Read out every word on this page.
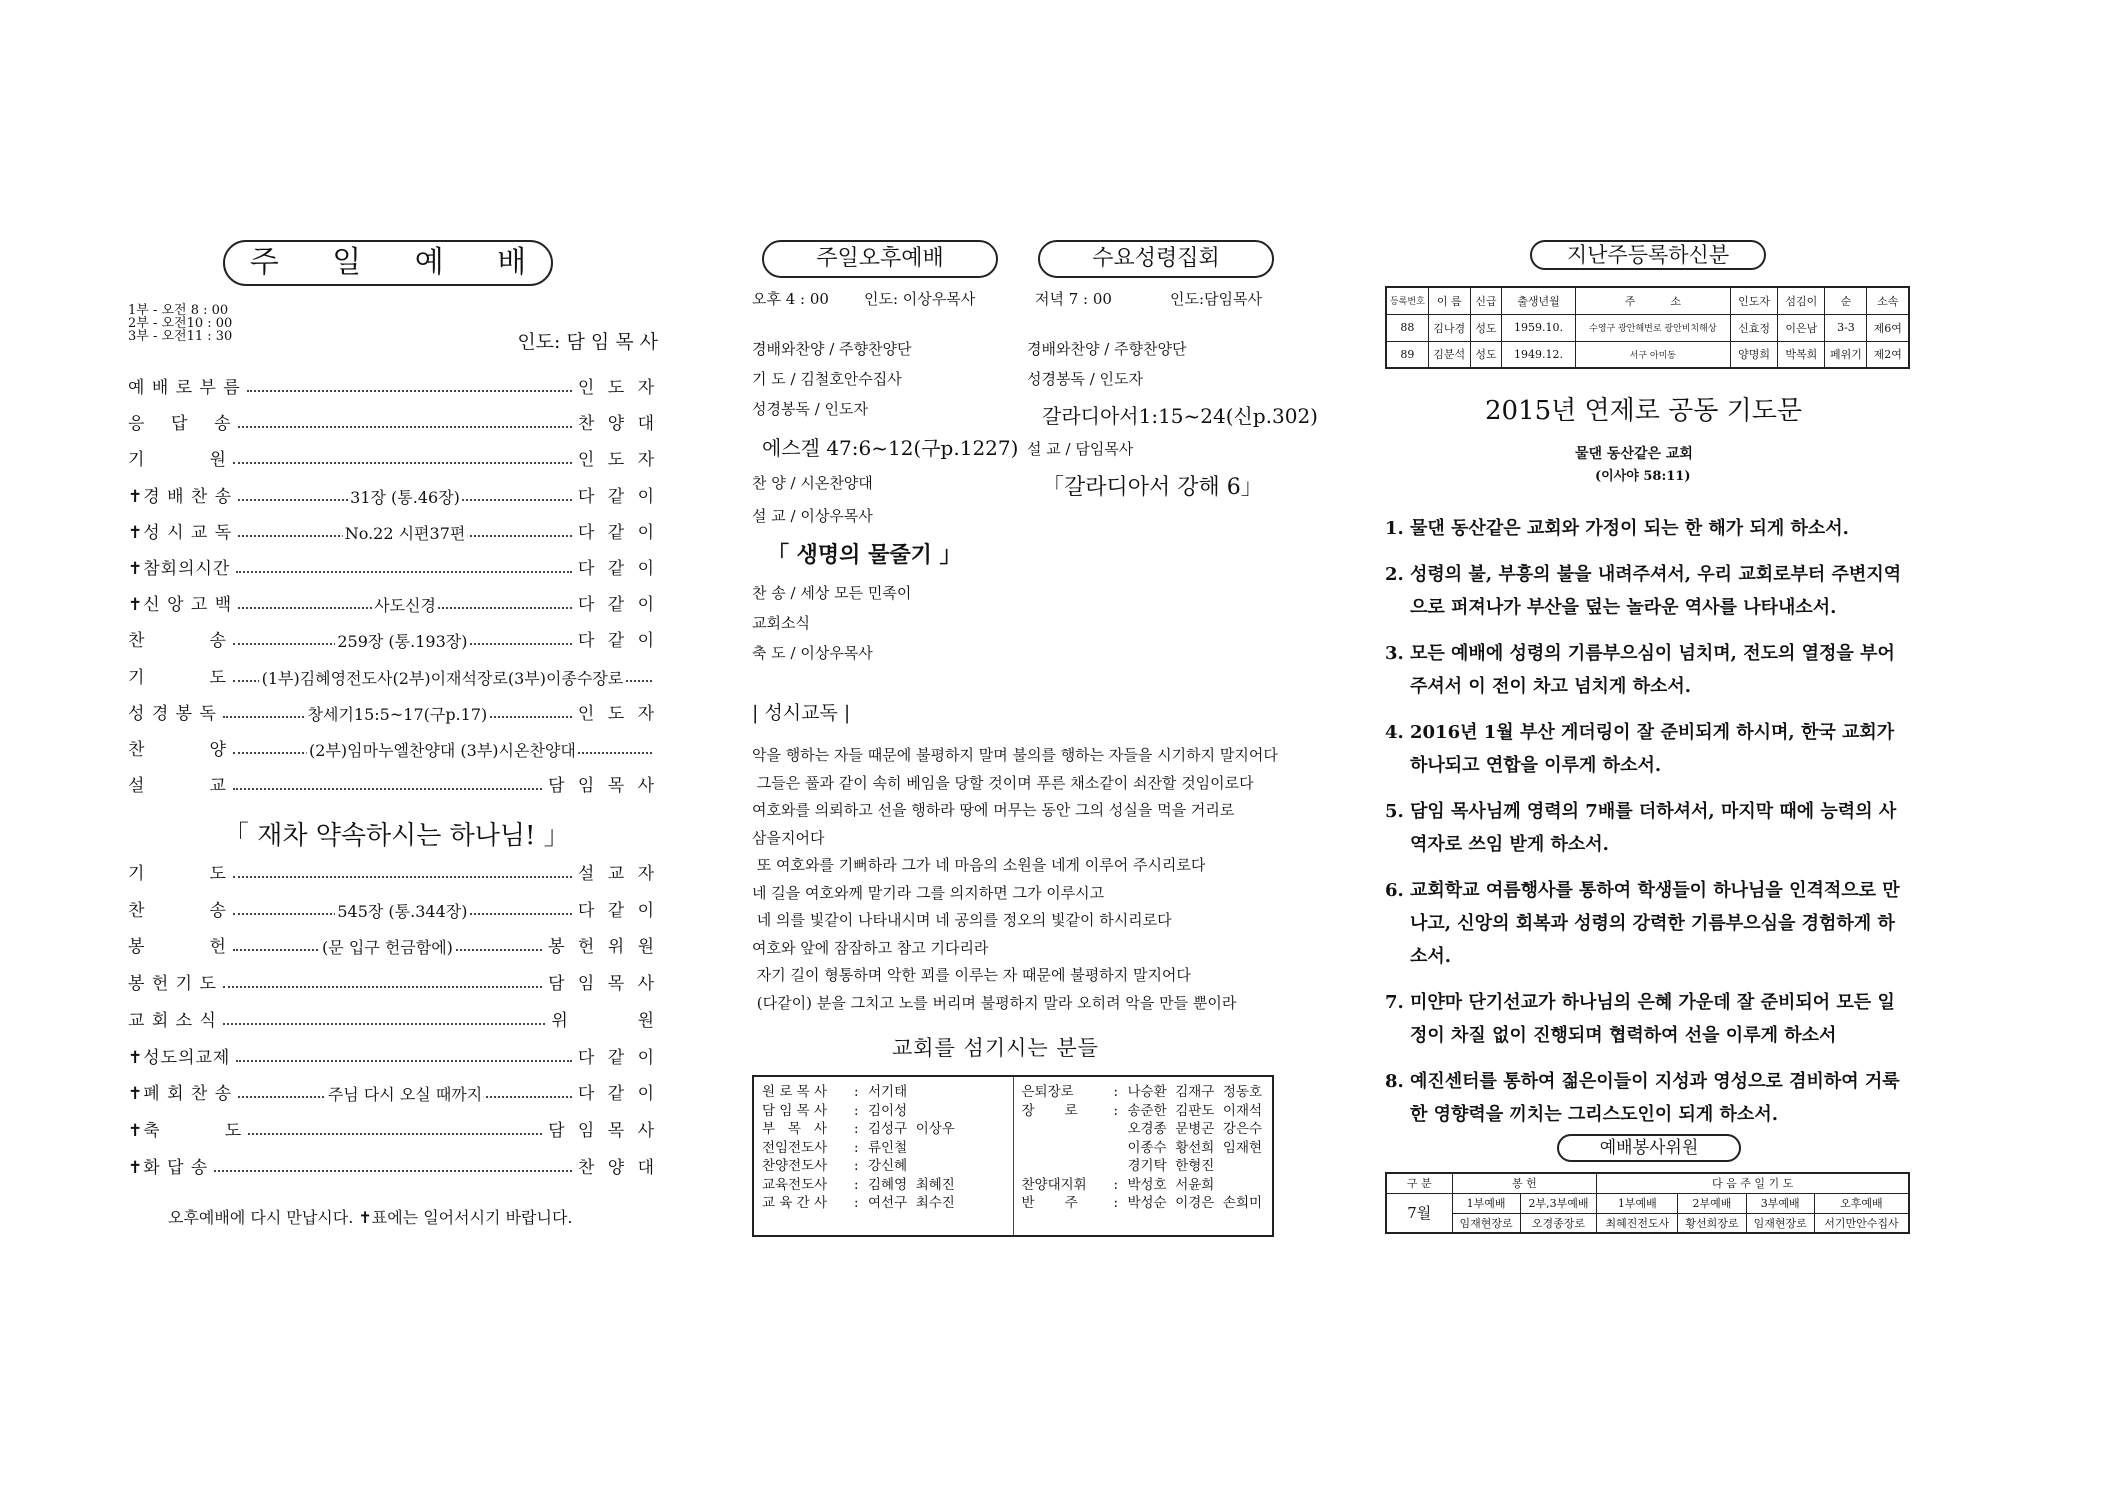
주 일 예 배
1부 - 오전 8 : 00
2부 - 오전10 : 00
3부 - 오전11 : 30	인도: 담 임 목 사
예 배 로 부 름	인 도 자
응    답    송	찬 양 대
기          원	인 도 자
✝경 배 찬 송	31장 (통.46장)	다 같 이
✝성 시 교 독	No.22 시편37편	다 같 이
✝참회의시간	다 같 이
✝신 앙 고 백	사도신경	다 같 이
찬          송	259장 (통.193장)	다 같 이
기          도 (1부)김혜영전도사(2부)이재석장로(3부)이종수장로
성 경 봉 독	창세기15:5~17(구p.17)	인 도 자
찬          양	(2부)임마누엘찬양대 (3부)시온찬양대
설          교	담 임 목 사
「 재차 약속하시는 하나님! 」
기          도	설 교 자
찬          송	545장 (통.344장)	다 같 이
봉          헌	(문 입구 헌금함에)	봉 헌 위 원
봉 헌 기 도	담 임 목 사
교 회 소 식	위       원
✝성도의교제	다 같 이
✝폐 회 찬 송	주님 다시 오실 때까지	다 같 이
✝축          도	담 임 목 사
✝화 답 송	찬 양 대
오후예배에 다시 만납시다. ✝표에는 일어서시기 바랍니다.
주일오후예배	수요성령집회
오후 4 : 00 인도: 이상우목사	저녁 7 : 00	인도:담임목사
경배와찬양 / 주향찬양단
기 도 / 김철호안수집사
성경봉독 / 인도자
에스겔 47:6~12(구p.1227)
찬 양 / 시온찬양대
설 교 / 이상우목사
「 생명의 물줄기 」
찬 송 / 세상 모든 민족이
교회소식
축 도 / 이상우목사
경배와찬양 / 주향찬양단
성경봉독 / 인도자
갈라디아서1:15~24(신p.302)
설 교 / 담임목사
「갈라디아서 강해 6」
| 성시교독 |
악을 행하는 자들 때문에 불평하지 말며 불의를 행하는 자들을 시기하지 말지어다
그들은 풀과 같이 속히 베임을 당할 것이며 푸른 채소같이 쇠잔할 것임이로다
여호와를 의뢰하고 선을 행하라 땅에 머무는 동안 그의 성실을 먹을 거리로
삼을지어다
또 여호와를 기뻐하라 그가 네 마음의 소원을 네게 이루어 주시리로다
네 길을 여호와께 맡기라 그를 의지하면 그가 이루시고
네 의를 빛같이 나타내시며 네 공의를 정오의 빛같이 하시리로다
여호와 앞에 잠잠하고 참고 기다리라
자기 길이 형통하며 악한 꾀를 이루는 자 때문에 불평하지 말지어다
(다같이) 분을 그치고 노를 버리며 불평하지 말라 오히려 악을 만들 뿐이라
교회를 섬기시는 분들
원 로 목 사	: 서기태
담 임 목 사	: 김이성
부   목   사	: 김성구  이상우
전임전도사	: 류인철
찬양전도사	: 강신혜
교육전도사	: 김혜영  최혜진
교 육 간 사	: 여선구  최수진
은퇴장로	: 나승환  김재구  정동호
장       로	: 송준한  김판도  이재석
오경종  문병곤  강은수
이종수  황선희  임재현
경기탁  한형진
찬양대지휘	: 박성호  서윤희
반       주	: 박성순  이경은  손희미
지난주등록하신분
등록번호	이 름	신급	출생년월	주          소	인도자	섬김이	순	소속
88	김나경	성도	1959.10.	수영구 광안해변로 광안비치해상	신효정	이은남	3-3	제6여
89	김분석	성도	1949.12.	서구 아미동	양명희	박복희	페위기	제2여
2015년 연제로 공동 기도문
물댄 동산같은 교회
(이사야 58:11)
1. 물댄 동산같은 교회와 가정이 되는 한 해가 되게 하소서.
2. 성령의 불, 부흥의 불을 내려주셔서, 우리 교회로부터 주변지역으로 퍼져나가 부산을 덮는 놀라운 역사를 나타내소서.
3. 모든 예배에 성령의 기름부으심이 넘치며, 전도의 열정을 부어주셔서 이 전이 차고 넘치게 하소서.
4. 2016년 1월 부산 게더링이 잘 준비되게 하시며, 한국 교회가 하나되고 연합을 이루게 하소서.
5. 담임 목사님께 영력의 7배를 더하셔서, 마지막 때에 능력의 사역자로 쓰임 받게 하소서.
6. 교회학교 여름행사를 통하여 학생들이 하나님을 인격적으로 만나고, 신앙의 회복과 성령의 강력한 기름부으심을 경험하게 하소서.
7. 미얀마 단기선교가 하나님의 은혜 가운데 잘 준비되어 모든 일정이 차질 없이 진행되며 협력하여 선을 이루게 하소서
8. 예진센터를 통하여 젊은이들이 지성과 영성으로 겸비하여 거룩한 영향력을 끼치는 그리스도인이 되게 하소서.
예배봉사위원
구 분	봉 헌		다 음 주 일 기 도			
7월	1부예배	2부,3부예배	1부예배	2부예배	3부예배	오후예배
	임재현장로	오경종장로	최혜진전도사	황선희장로	임재현장로	서기만안수집사
